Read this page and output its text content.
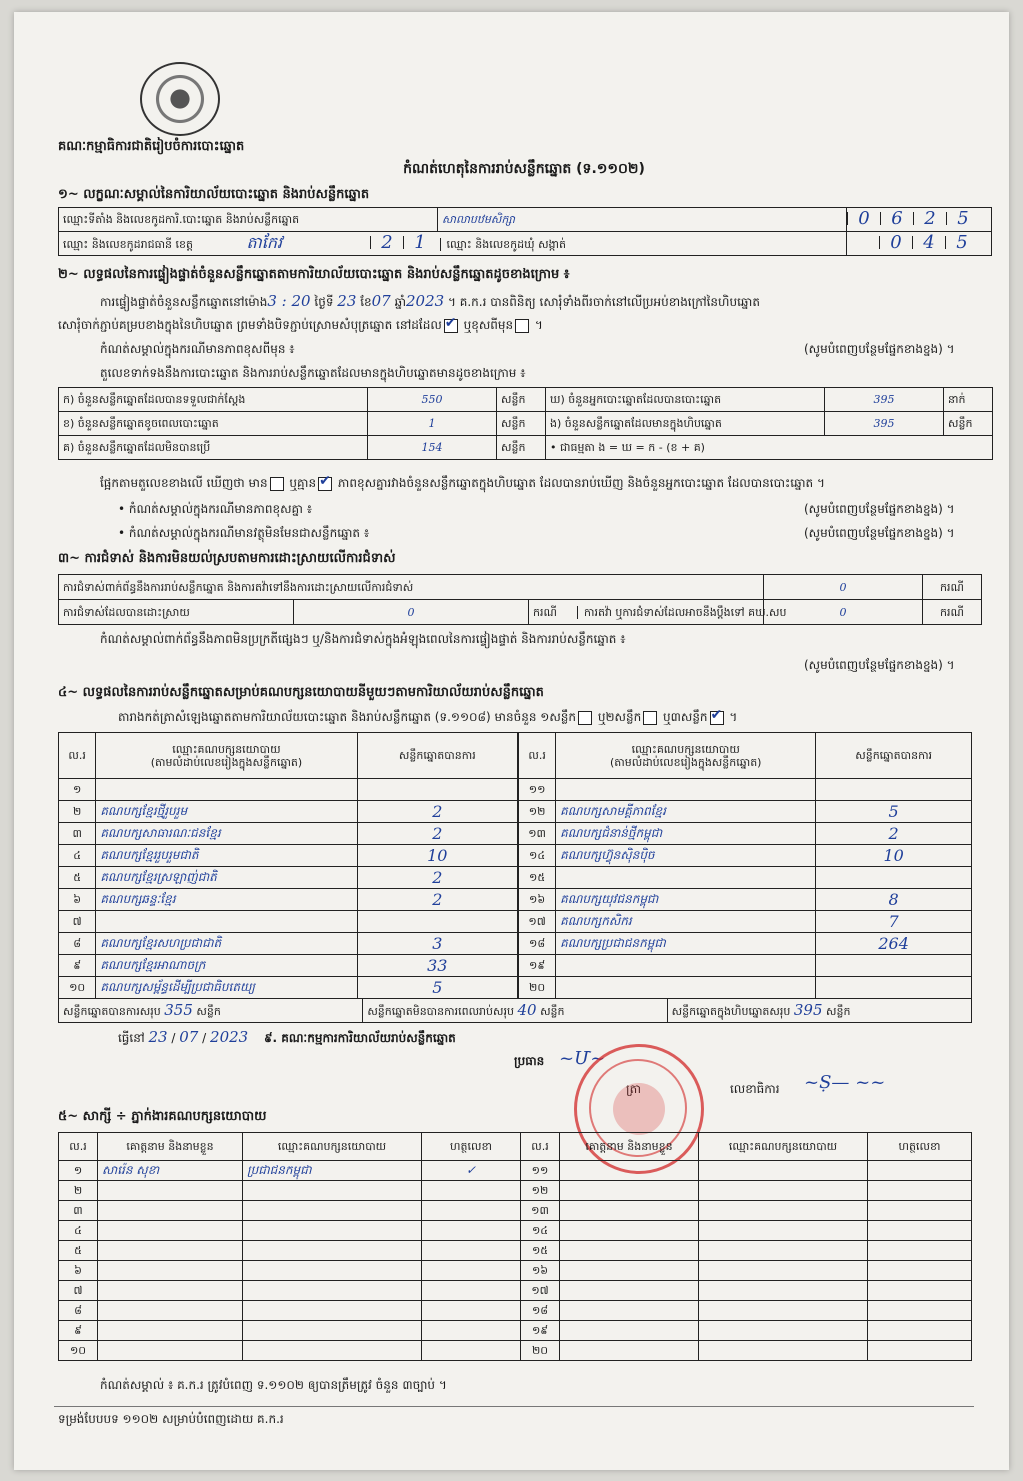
គណៈកម្មាធិការជាតិរៀបចំការបោះឆ្នោត
កំណត់ហេតុនៃការរាប់សន្លឹកឆ្នោត (ទ.១១០២)
១~ លក្ខណៈសម្គាល់នៃការិយាល័យបោះឆ្នោត និងរាប់សន្លឹកឆ្នោត
ឈ្មោះទីតាំង និងលេខកូដការិ.បោះឆ្នោត និងរាប់សន្លឹកឆ្នោត	សាលាបឋមសិក្សា	0 6 2 5
ឈ្មោះ និងលេខកូដរាជធានី ខេត្ត តាកែវ 2 1 ឈ្មោះ និងលេខកូដឃុំ សង្កាត់		0 4 5
២~ លទ្ធផលនៃការផ្ទៀងផ្ទាត់ចំនួនសន្លឹកឆ្នោតតាមការិយាល័យបោះឆ្នោត និងរាប់សន្លឹកឆ្នោតដូចខាងក្រោម ៖
ការផ្ទៀងផ្ទាត់ចំនួនសន្លឹកឆ្នោតនៅម៉ោង3 : 20 ថ្ងៃទី 23 ខែ07 ឆ្នាំ2023 ។ គ.ក.រ បានពិនិត្យ សោរុំទាំងពីរចាក់នៅលើប្រអប់ខាងក្រៅនៃហិបឆ្នោត
សោរុំចាក់ភ្ជាប់គម្របខាងក្នុងនៃហិបឆ្នោត ព្រមទាំងបិទភ្ជាប់ស្រោមសំបុត្រឆ្នោត នៅដដែល ✔ ឬខុសពីមុន ។
កំណត់សម្គាល់ក្នុងករណីមានភាពខុសពីមុន ៖	(សូមបំពេញបន្ថែមផ្នែកខាងខ្នង) ។
តួលេខទាក់ទងនឹងការបោះឆ្នោត និងការរាប់សន្លឹកឆ្នោតដែលមានក្នុងហិបឆ្នោតមានដូចខាងក្រោម ៖
ក) ចំនួនសន្លឹកឆ្នោតដែលបានទទួលជាក់ស្តែង	550	សន្លឹក	ឃ) ចំនួនអ្នកបោះឆ្នោតដែលបានបោះឆ្នោត	395	នាក់
ខ) ចំនួនសន្លឹកឆ្នោតខូចពេលបោះឆ្នោត	1	សន្លឹក	ង) ចំនួនសន្លឹកឆ្នោតដែលមានក្នុងហិបឆ្នោត	395	សន្លឹក
គ) ចំនួនសន្លឹកឆ្នោតដែលមិនបានប្រើ	154	សន្លឹក	• ជាធម្មតា ង = ឃ = ក - (ខ + គ)		
ផ្អែកតាមតួលេខខាងលើ ឃើញថា មាន ឬគ្មាន ✔ ភាពខុសគ្នារវាងចំនួនសន្លឹកឆ្នោតក្នុងហិបឆ្នោត ដែលបានរាប់ឃើញ និងចំនួនអ្នកបោះឆ្នោត ដែលបានបោះឆ្នោត ។
• កំណត់សម្គាល់ក្នុងករណីមានភាពខុសគ្នា ៖	(សូមបំពេញបន្ថែមផ្នែកខាងខ្នង) ។
• កំណត់សម្គាល់ក្នុងករណីមានវត្ថុមិនមែនជាសន្លឹកឆ្នោត ៖	(សូមបំពេញបន្ថែមផ្នែកខាងខ្នង) ។
៣~ ការជំទាស់ និងការមិនយល់ស្របតាមការដោះស្រាយលើការជំទាស់
ការជំទាស់ពាក់ព័ន្ធនឹងការរាប់សន្លឹកឆ្នោត និងការតវ៉ាទៅនឹងការដោះស្រាយលើការជំទាស់			0	ករណី
ការជំទាស់ដែលបានដោះស្រាយ	0	ករណី ការតវ៉ា ឬការជំទាស់ដែលអាចនឹងប្តឹងទៅ គឃ.សប	0	ករណី
កំណត់សម្គាល់ពាក់ព័ន្ធនឹងភាពមិនប្រក្រតីផ្សេងៗ ឬ/និងការជំទាស់ក្នុងអំឡុងពេលនៃការផ្ទៀងផ្ទាត់ និងការរាប់សន្លឹកឆ្នោត ៖
(សូមបំពេញបន្ថែមផ្នែកខាងខ្នង) ។
៤~ លទ្ធផលនៃការរាប់សន្លឹកឆ្នោតសម្រាប់គណបក្សនយោបាយនីមួយៗតាមការិយាល័យរាប់សន្លឹកឆ្នោត
តារាងកត់ត្រាសំឡេងឆ្នោតតាមការិយាល័យបោះឆ្នោត និងរាប់សន្លឹកឆ្នោត (ទ.១១០៨) មានចំនួន ១សន្លឹក ឬ២សន្លឹក ឬ៣សន្លឹក✔ ។
ល.រ	ឈ្មោះគណបក្សនយោបាយ
(តាមលំដាប់លេខរៀងក្នុងសន្លឹកឆ្នោត)	សន្លឹកឆ្នោតបានការ
១		
២	គណបក្សខ្មែរថ្មីរួបរួម	2
៣	គណបក្សសាធារណៈជនខ្មែរ	2
៤	គណបក្សខ្មែររួបរួមជាតិ	10
៥	គណបក្សខ្មែរស្រឡាញ់ជាតិ	2
៦	គណបក្សឆន្ទៈខ្មែរ	2
៧		
៨	គណបក្សខ្មែរសហប្រជាជាតិ	3
៩	គណបក្សខ្មែរអាណាចក្រ	33
១០	គណបក្សសម្ព័ន្ធដើម្បីប្រជាធិបតេយ្យ	5
ល.រ	ឈ្មោះគណបក្សនយោបាយ
(តាមលំដាប់លេខរៀងក្នុងសន្លឹកឆ្នោត)	សន្លឹកឆ្នោតបានការ
១១		
១២	គណបក្សសាមគ្គីភាពខ្មែរ	5
១៣	គណបក្សជំនាន់ថ្មីកម្ពុជា	2
១៤	គណបក្សហ៊្វុនស៊ិនប៉ិច	10
១៥		
១៦	គណបក្សយុវជនកម្ពុជា	8
១៧	គណបក្សកសិករ	7
១៨	គណបក្សប្រជាជនកម្ពុជា	264
១៩		
២០		
សន្លឹកឆ្នោតបានការសរុប 355 សន្លឹក	សន្លឹកឆ្នោតមិនបានការពេលរាប់សរុប 40 សន្លឹក	សន្លឹកឆ្នោតក្នុងហិបឆ្នោតសរុប 395 សន្លឹក
ធ្វើនៅ 23 / 07 / 2023 ៩. គណៈកម្មការការិយាល័យរាប់សន្លឹកឆ្នោត
ប្រធាន ~Մ~
ត្រា	លេខាធិការ ~Ṣ— ~~
៥~ សាក្សី ÷ ភ្នាក់ងារគណបក្សនយោបាយ
ល.រ	គោត្តនាម និងនាមខ្លួន	ឈ្មោះគណបក្សនយោបាយ	ហត្ថលេខា	ល.រ	គោត្តនាម និងនាមខ្លួន	ឈ្មោះគណបក្សនយោបាយ	ហត្ថលេខា
១	សារ៉េន សុខា	ប្រជាជនកម្ពុជា	✓	១១			
២				១២			
៣				១៣			
៤				១៤			
៥				១៥			
៦				១៦			
៧				១៧			
៨				១៨			
៩				១៩			
១០				២០			
កំណត់សម្គាល់ ៖ គ.ក.រ ត្រូវបំពេញ ទ.១១០២ ឲ្យបានត្រឹមត្រូវ ចំនួន ៣ច្បាប់ ។
ទម្រង់បែបបទ ១១០២ សម្រាប់បំពេញដោយ គ.ក.រ
